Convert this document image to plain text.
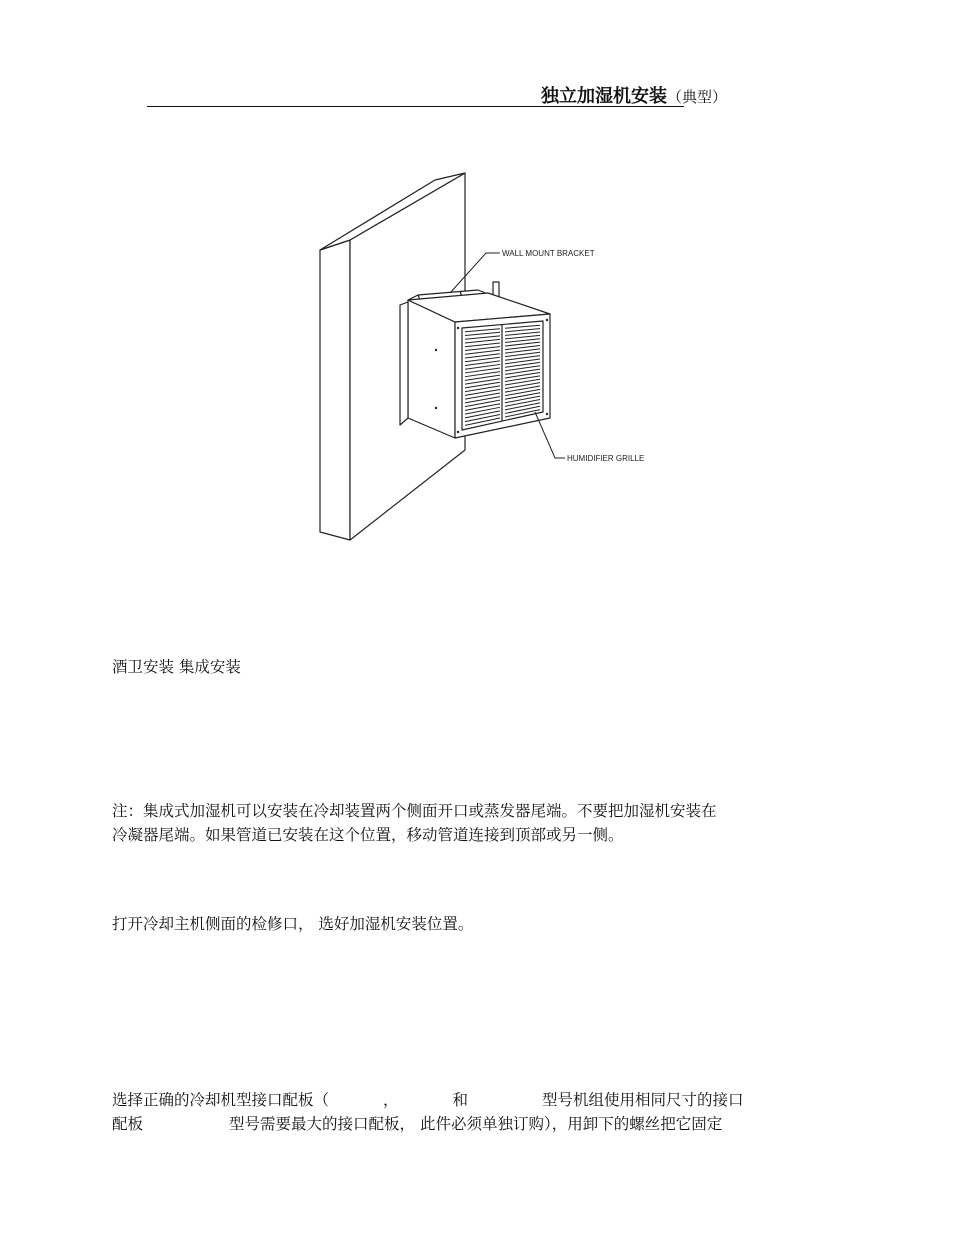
独立加湿机安装（典型）
WALL MOUNT BRACKET
HUMIDIFIER GRILLE
酒卫安装 集成安装
注：集成式加湿机可以安装在冷却装置两个侧面开口或蒸发器尾端。不要把加湿机安装在
冷凝器尾端。如果管道已安装在这个位置，移动管道连接到顶部或另一侧。
打开冷却主机侧面的检修口， 选好加湿机安装位置。
选择正确的冷却机型接口配板（	，	和	型号机组使用相同尺寸的接口
配板	型号需要最大的接口配板， 此件必须单独订购），用卸下的螺丝把它固定
